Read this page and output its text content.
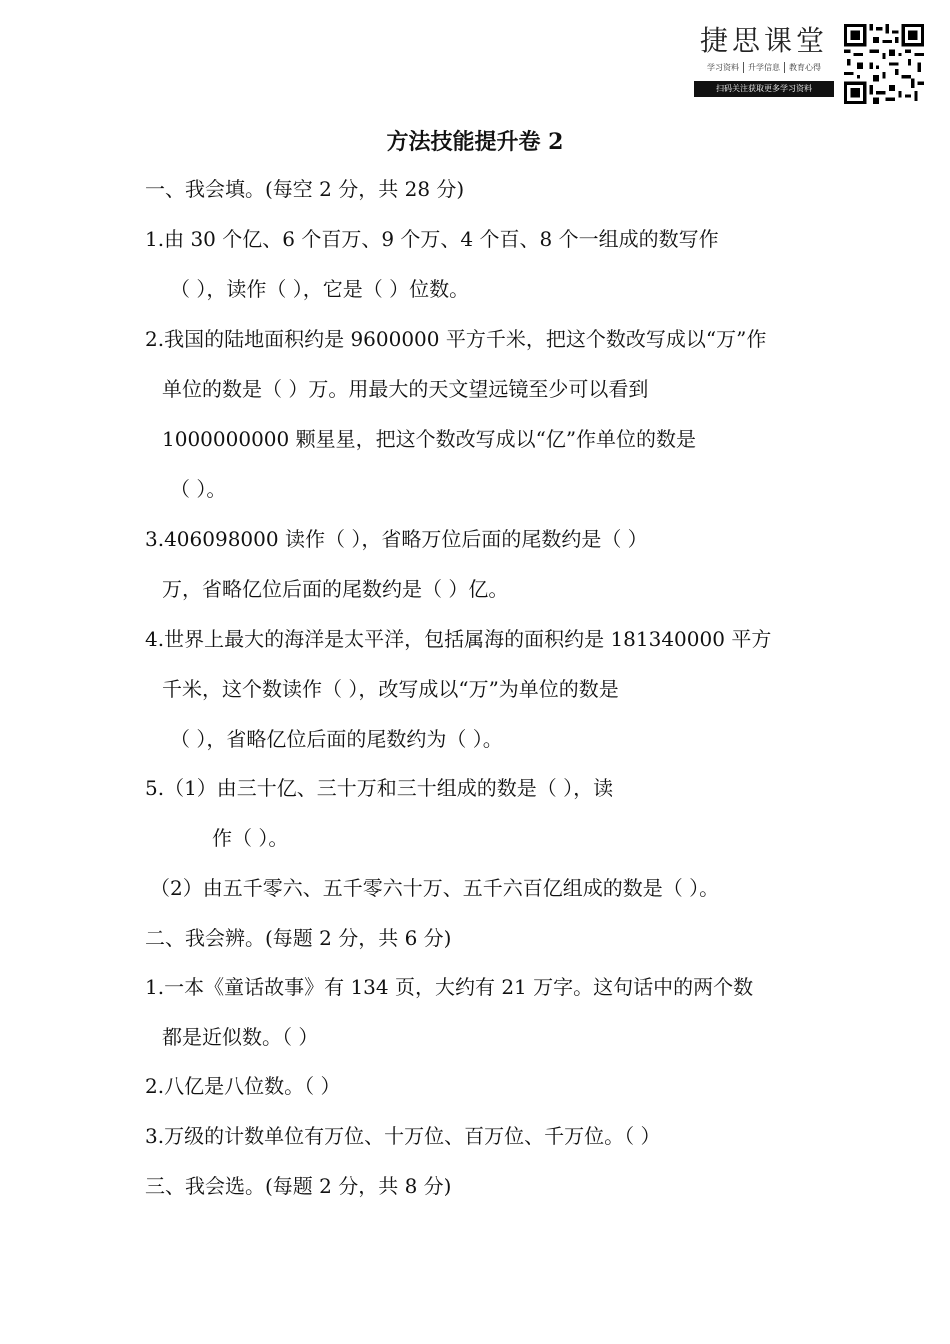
捷思课堂
学习资料	升学信息	教育心得
扫码关注获取更多学习资料
方法技能提升卷 2
一、我会填。(每空 2 分，共 28 分)
1.由 30 个亿、6 个百万、9 个万、4 个百、8 个一组成的数写作
（ ），读作（ ），它是（ ）位数。
2.我国的陆地面积约是 9600000 平方千米，把这个数改写成以“万”作
单位的数是（ ）万。用最大的天文望远镜至少可以看到
1000000000 颗星星，把这个数改写成以“亿”作单位的数是
（ ）。
3.406098000 读作（ ），省略万位后面的尾数约是（ ）
万，省略亿位后面的尾数约是（ ）亿。
4.世界上最大的海洋是太平洋，包括属海的面积约是 181340000 平方
千米，这个数读作（ ），改写成以“万”为单位的数是
（ ），省略亿位后面的尾数约为（ ）。
5.（1）由三十亿、三十万和三十组成的数是（ ），读
作（ ）。
（2）由五千零六、五千零六十万、五千六百亿组成的数是（ ）。
二、我会辨。(每题 2 分，共 6 分)
1.一本《童话故事》有 134 页，大约有 21 万字。这句话中的两个数
都是近似数。（ ）
2.八亿是八位数。（ ）
3.万级的计数单位有万位、十万位、百万位、千万位。（ ）
三、我会选。(每题 2 分，共 8 分)
